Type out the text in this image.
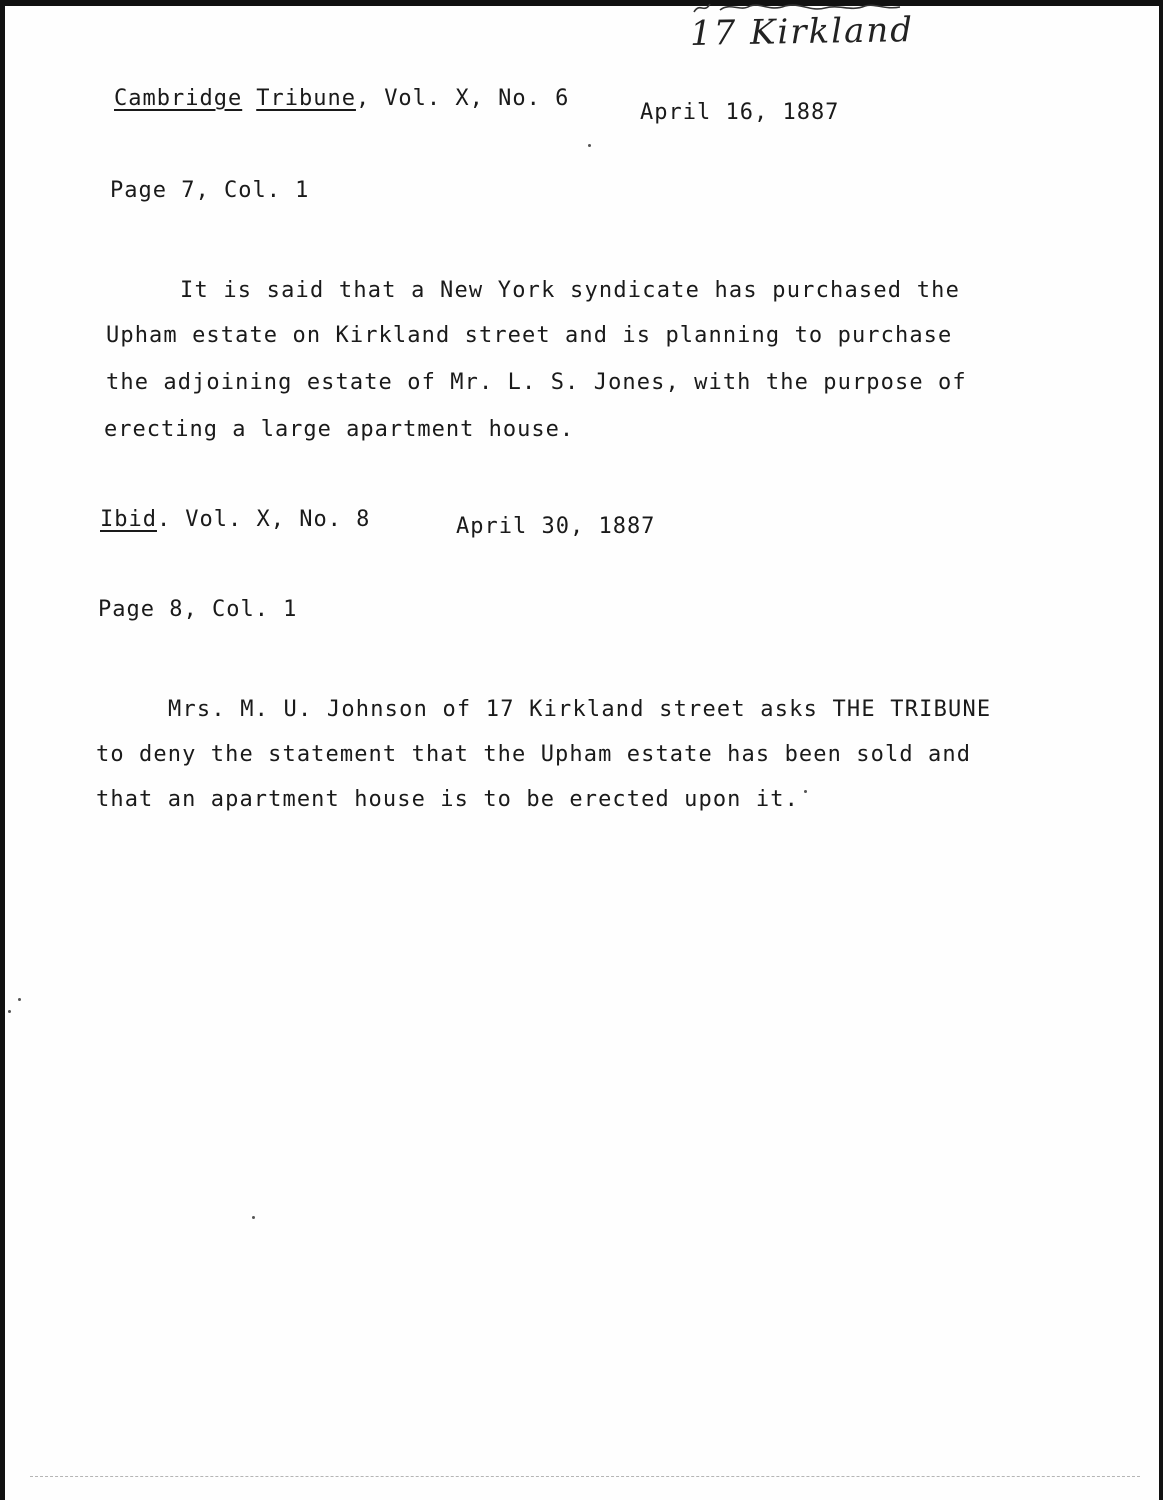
17 Kirkland
Cambridge Tribune, Vol. X, No. 6
April 16, 1887
Page 7, Col. 1
It is said that a New York syndicate has purchased the
Upham estate on Kirkland street and is planning to purchase
the adjoining estate of Mr. L. S. Jones, with the purpose of
erecting a large apartment house.
Ibid. Vol. X, No. 8	April 30, 1887
Page 8, Col. 1
Mrs. M. U. Johnson of 17 Kirkland street asks THE TRIBUNE
to deny the statement that the Upham estate has been sold and
that an apartment house is to be erected upon it.
